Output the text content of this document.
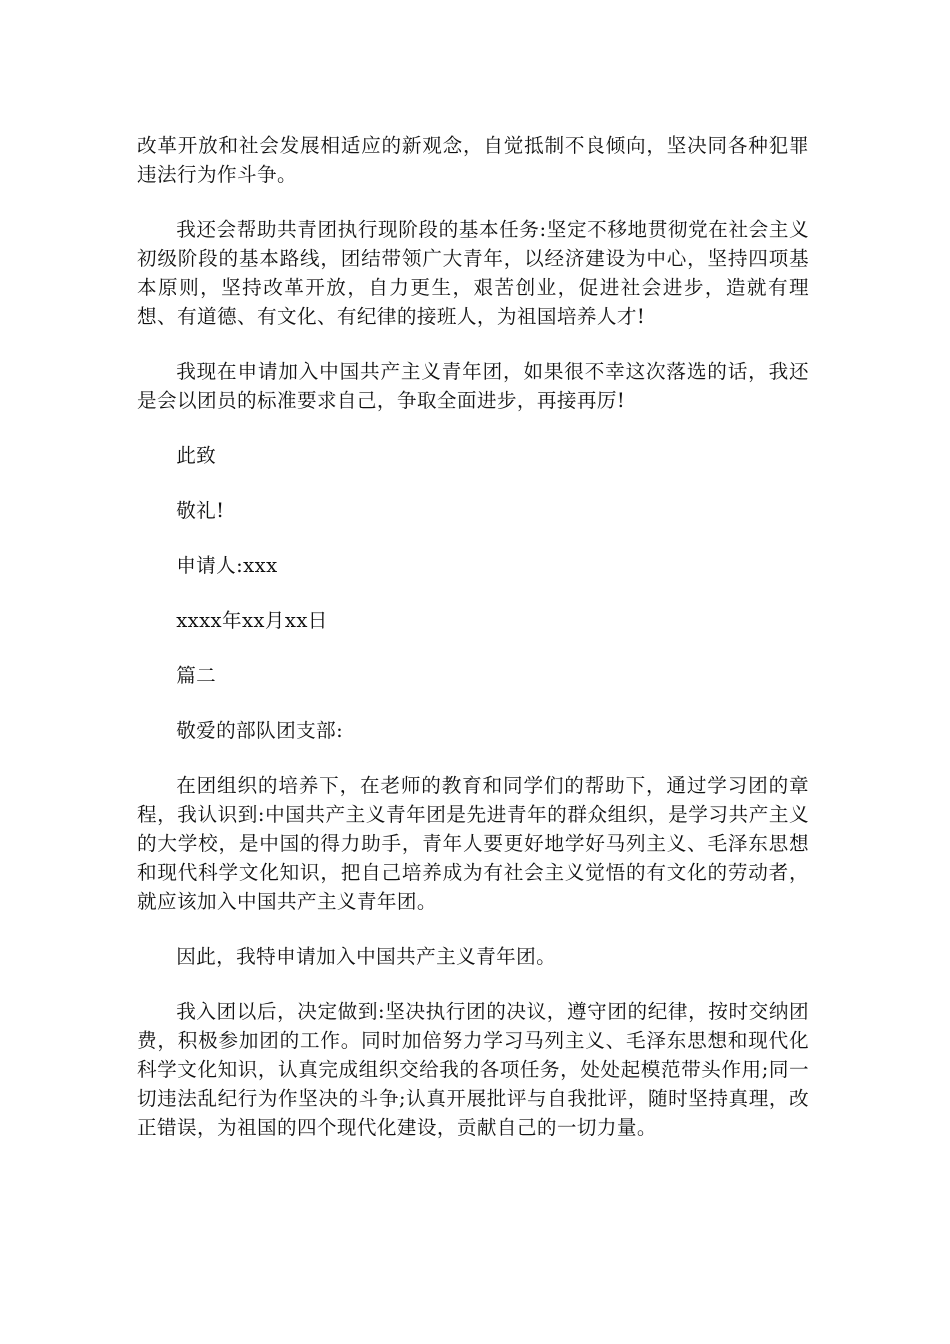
改革开放和社会发展相适应的新观念，自觉抵制不良倾向，坚决同各种犯罪违法行为作斗争。

我还会帮助共青团执行现阶段的基本任务:坚定不移地贯彻党在社会主义初级阶段的基本路线，团结带领广大青年，以经济建设为中心，坚持四项基本原则，坚持改革开放，自力更生，艰苦创业，促进社会进步，造就有理想、有道德、有文化、有纪律的接班人，为祖国培养人才!

我现在申请加入中国共产主义青年团，如果很不幸这次落选的话，我还是会以团员的标准要求自己，争取全面进步，再接再厉!

此致

敬礼!

申请人:xxx

xxxx年xx月xx日

篇二

敬爱的部队团支部:

在团组织的培养下，在老师的教育和同学们的帮助下，通过学习团的章程，我认识到:中国共产主义青年团是先进青年的群众组织，是学习共产主义的大学校，是中国的得力助手，青年人要更好地学好马列主义、毛泽东思想和现代科学文化知识，把自己培养成为有社会主义觉悟的有文化的劳动者，就应该加入中国共产主义青年团。

因此，我特申请加入中国共产主义青年团。

我入团以后，决定做到:坚决执行团的决议，遵守团的纪律，按时交纳团费，积极参加团的工作。同时加倍努力学习马列主义、毛泽东思想和现代化科学文化知识，认真完成组织交给我的各项任务，处处起模范带头作用;同一切违法乱纪行为作坚决的斗争;认真开展批评与自我批评，随时坚持真理，改正错误，为祖国的四个现代化建设，贡献自己的一切力量。
